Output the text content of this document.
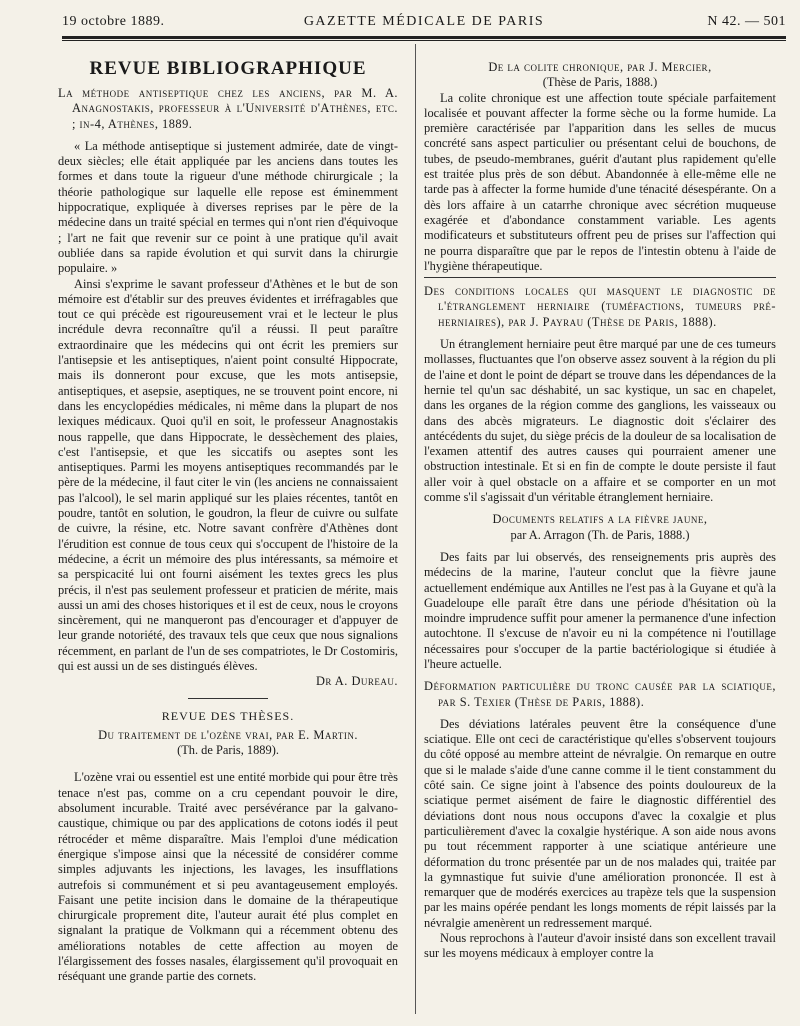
19 octobre 1889.	GAZETTE MÉDICALE DE PARIS	N 42. — 501
REVUE BIBLIOGRAPHIQUE

La méthode antiseptique chez les anciens, par M. A. Anagnostakis, professeur à l'Université d'Athènes, etc. ; in-4, Athènes, 1889.

« La méthode antiseptique si justement admirée, date de vingt-deux siècles; elle était appliquée par les anciens dans toutes les formes et dans toute la rigueur d'une méthode chirurgicale ; la théorie pathologique sur laquelle elle repose est éminemment hippocratique, expliquée à diverses reprises par le père de la médecine dans un traité spécial en termes qui n'ont rien d'équivoque ; l'art ne fait que revenir sur ce point à une pratique qu'il avait oubliée dans sa rapide évolution et qui survit dans la chirurgie populaire. »

Ainsi s'exprime le savant professeur d'Athènes et le but de son mémoire est d'établir sur des preuves évidentes et irréfragables que tout ce qui précède est rigoureusement vrai et le lecteur le plus incrédule devra reconnaître qu'il a réussi. Il peut paraître extraordinaire que les médecins qui ont écrit les premiers sur l'antisepsie et les antiseptiques, n'aient point consulté Hippocrate, mais ils donneront pour excuse, que les mots antisepsie, antiseptiques, et asepsie, aseptiques, ne se trouvent point encore, ni dans les encyclopédies médicales, ni même dans la plupart de nos lexiques médicaux. Quoi qu'il en soit, le professeur Anagnostakis nous rappelle, que dans Hippocrate, le dessèchement des plaies, c'est l'antisepsie, et que les siccatifs ou aseptes sont les antiseptiques. Parmi les moyens antiseptiques recommandés par le père de la médecine, il faut citer le vin (les anciens ne connaissaient pas l'alcool), le sel marin appliqué sur les plaies récentes, tantôt en poudre, tantôt en solution, le goudron, la fleur de cuivre ou sulfate de cuivre, la résine, etc. Notre savant confrère d'Athènes dont l'érudition est connue de tous ceux qui s'occupent de l'histoire de la médecine, a écrit un mémoire des plus intéressants, sa mémoire et sa perspicacité lui ont fourni aisément les textes grecs les plus précis, il n'est pas seulement professeur et praticien de mérite, mais aussi un ami des choses historiques et il est de ceux, nous le croyons sincèrement, qui ne manqueront pas d'encourager et d'appuyer de leur grande notoriété, des travaux tels que ceux que nous signalions récemment, en parlant de l'un de ses compatriotes, le Dr Costomiris, qui est aussi un de ses distingués élèves.

Dr A. Dureau.
REVUE DES THÈSES.

Du traitement de l'ozène vrai, par E. Martin.

(Th. de Paris, 1889).

L'ozène vrai ou essentiel est une entité morbide qui pour être très tenace n'est pas, comme on a cru cependant pouvoir le dire, absolument incurable. Traité avec persévérance par la galvano-caustique, chimique ou par des applications de cotons iodés il peut rétrocéder et même disparaître. Mais l'emploi d'une médication énergique s'impose ainsi que la nécessité de considérer comme simples adjuvants les injections, les lavages, les insufflations autrefois si communément et si peu avantageusement employés. Faisant une petite incision dans le domaine de la thérapeutique chirurgicale proprement dite, l'auteur aurait été plus complet en signalant la pratique de Volkmann qui a récemment obtenu des améliorations notables de cette affection au moyen de l'élargissement des fosses nasales, élargissement qu'il provoquait en réséquant une grande partie des cornets.

De la colite chronique, par J. Mercier,

(Thèse de Paris, 1888.)

La colite chronique est une affection toute spéciale parfaitement localisée et pouvant affecter la forme sèche ou la forme humide. La première caractérisée par l'apparition dans les selles de mucus concrété sans aspect particulier ou présentant celui de bouchons, de tubes, de pseudo-membranes, guérit d'autant plus rapidement qu'elle est traitée plus près de son début. Abandonnée à elle-même elle ne tarde pas à affecter la forme humide d'une ténacité désespérante. On a dès lors affaire à un catarrhe chronique avec sécrétion muqueuse exagérée et d'abondance constamment variable. Les agents modificateurs et substituteurs offrent peu de prises sur l'affection qui ne pourra disparaître que par le repos de l'intestin obtenu à l'aide de l'hygiène thérapeutique.

Des conditions locales qui masquent le diagnostic de l'étranglement herniaire (tuméfactions, tumeurs pré-herniaires), par J. Payrau (Thèse de Paris, 1888).

Un étranglement herniaire peut être marqué par une de ces tumeurs mollasses, fluctuantes que l'on observe assez souvent à la région du pli de l'aine et dont le point de départ se trouve dans les dépendances de la hernie tel qu'un sac déshabité, un sac kystique, un sac en chapelet, dans les organes de la région comme des ganglions, les vaisseaux ou dans des abcès migrateurs. Le diagnostic doit s'éclairer des antécédents du sujet, du siège précis de la douleur de sa localisation de l'examen attentif des autres causes qui pourraient amener une obstruction intestinale. Et si en fin de compte le doute persiste il faut aller voir à quel obstacle on a affaire et se comporter en un mot comme s'il s'agissait d'un véritable étranglement herniaire.

Documents relatifs a la fièvre jaune,

par A. Arragon (Th. de Paris, 1888.)

Des faits par lui observés, des renseignements pris auprès des médecins de la marine, l'auteur conclut que la fièvre jaune actuellement endémique aux Antilles ne l'est pas à la Guyane et qu'à la Guadeloupe elle paraît être dans une période d'hésitation où la moindre imprudence suffit pour amener la permanence d'une infection autochtone. Il s'excuse de n'avoir eu ni la compétence ni l'outillage nécessaires pour s'occuper de la partie bactériologique si étudiée à l'heure actuelle.

Déformation particulière du tronc causée par la sciatique, par S. Texier (Thèse de Paris, 1888).

Des déviations latérales peuvent être la conséquence d'une sciatique. Elle ont ceci de caractéristique qu'elles s'observent toujours du côté opposé au membre atteint de névralgie. On remarque en outre que si le malade s'aide d'une canne comme il le tient constamment du côté sain. Ce signe joint à l'absence des points douloureux de la sciatique permet aisément de faire le diagnostic différentiel des déviations dont nous nous occupons d'avec la coxalgie et plus particulièrement d'avec la coxalgie hystérique. A son aide nous avons pu tout récemment rapporter à une sciatique antérieure une déformation du tronc présentée par un de nos malades qui, traitée par la gymnastique fut suivie d'une amélioration prononcée. Il est à remarquer que de modérés exercices au trapèze tels que la suspension par les mains opérée pendant les longs moments de répit laissés par la névralgie amenèrent un redressement marqué.

Nous reprochons à l'auteur d'avoir insisté dans son excellent travail sur les moyens médicaux à employer contre la
